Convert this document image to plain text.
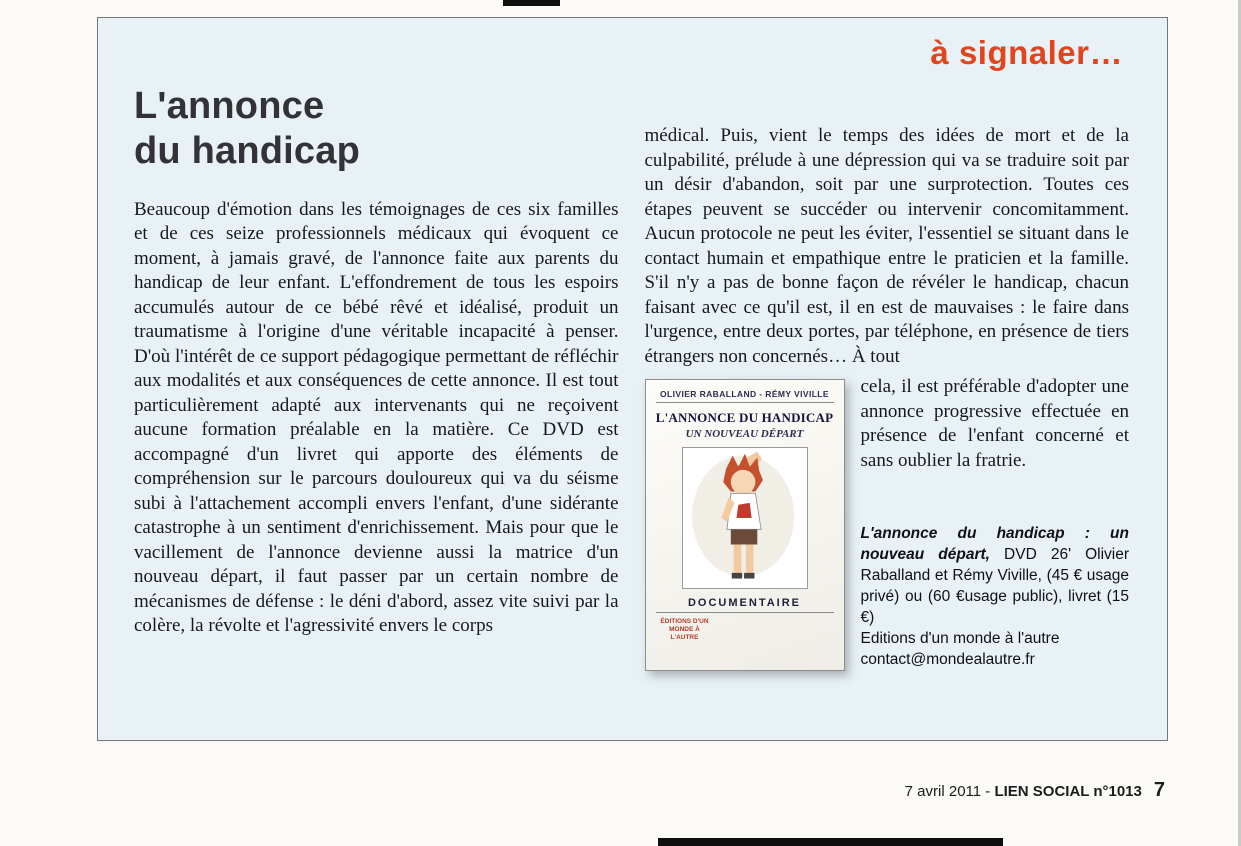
à signaler…
L'annonce
du handicap

Beaucoup d'émotion dans les témoignages de ces six familles et de ces seize professionnels médicaux qui évoquent ce moment, à jamais gravé, de l'annonce faite aux parents du handicap de leur enfant. L'effondrement de tous les espoirs accumulés autour de ce bébé rêvé et idéalisé, produit un traumatisme à l'origine d'une véritable incapacité à penser. D'où l'intérêt de ce support pédagogique permettant de réfléchir aux modalités et aux conséquences de cette annonce. Il est tout particulièrement adapté aux intervenants qui ne reçoivent aucune formation préalable en la matière. Ce DVD est accompagné d'un livret qui apporte des éléments de compréhension sur le parcours douloureux qui va du séisme subi à l'attachement accompli envers l'enfant, d'une sidérante catastrophe à un sentiment d'enrichissement. Mais pour que le vacillement de l'annonce devienne aussi la matrice d'un nouveau départ, il faut passer par un certain nombre de mécanismes de défense : le déni d'abord, assez vite suivi par la colère, la révolte et l'agressivité envers le corps

médical. Puis, vient le temps des idées de mort et de la culpabilité, prélude à une dépression qui va se traduire soit par un désir d'abandon, soit par une surprotection. Toutes ces étapes peuvent se succéder ou intervenir concomitamment. Aucun protocole ne peut les éviter, l'essentiel se situant dans le contact humain et empathique entre le praticien et la famille. S'il n'y a pas de bonne façon de révéler le handicap, chacun faisant avec ce qu'il est, il en est de mauvaises : le faire dans l'urgence, entre deux portes, par téléphone, en présence de tiers étrangers non concernés… À tout

OLIVIER RABALLAND - RÉMY VIVILLE
L'ANNONCE DU HANDICAP
UN NOUVEAU DÉPART
DOCUMENTAIRE
ÉDITIONS D'UN MONDE À L'AUTRE

cela, il est préférable d'adopter une annonce progressive effectuée en présence de l'enfant concerné et sans oublier la fratrie.

L'annonce du handicap : un nouveau départ, DVD 26' Olivier Raballand et Rémy Viville, (45 € usage privé) ou (60 €usage public), livret (15 €)
Editions d'un monde à l'autre
contact@mondealautre.fr
7 avril 2011 - LIEN SOCIAL n°1013 7
